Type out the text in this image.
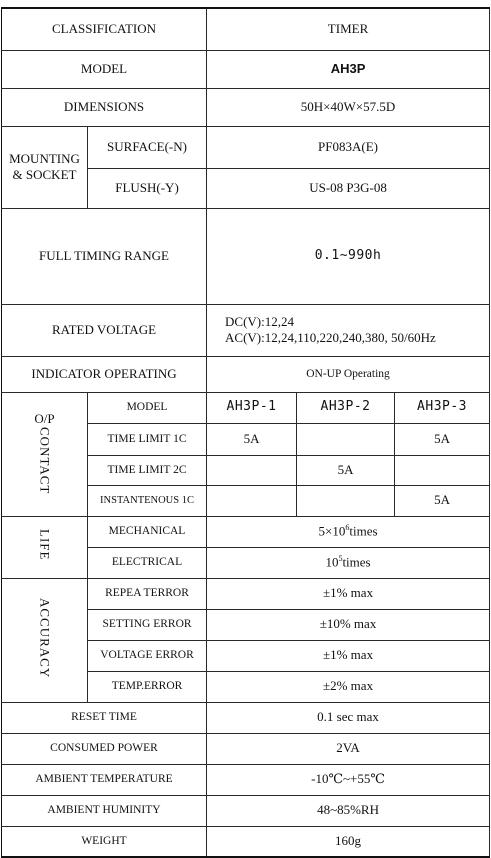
CLASSIFICATION		TIMER		
MODEL		AH3P		
DIMENSIONS		50H×40W×57.5D		
MOUNTING
& SOCKET	SURFACE(-N)	PF083A(E)		
	FLUSH(-Y)	US-08 P3G-08		
FULL TIMING RANGE		0.1~990h		
RATED VOLTAGE		DC(V):12,24
AC(V):12,24,110,220,240,380, 50/60Hz		
INDICATOR OPERATING		ON-UP Operating		

O/P
CONTACT	MODEL	AH3P-1	AH3P-2	AH3P-3
	TIME LIMIT 1C	5A		5A
	TIME LIMIT 2C		5A	
	INSTANTENOUS 1C			5A
LIFE	MECHANICAL	$5\times 10^6times$		
	ELECTRICAL	$10^5times$		
ACCURACY	REPEA TERROR	±1% max		
	SETTING ERROR	±10% max		
	VOLTAGE ERROR	±1% max		
	TEMP.ERROR	±2% max		
RESET TIME		0.1 sec max		
CONSUMED POWER		2VA		
AMBIENT TEMPERATURE		-10℃~+55℃		
AMBIENT HUMINITY		48~85%RH		
WEIGHT		160g		
